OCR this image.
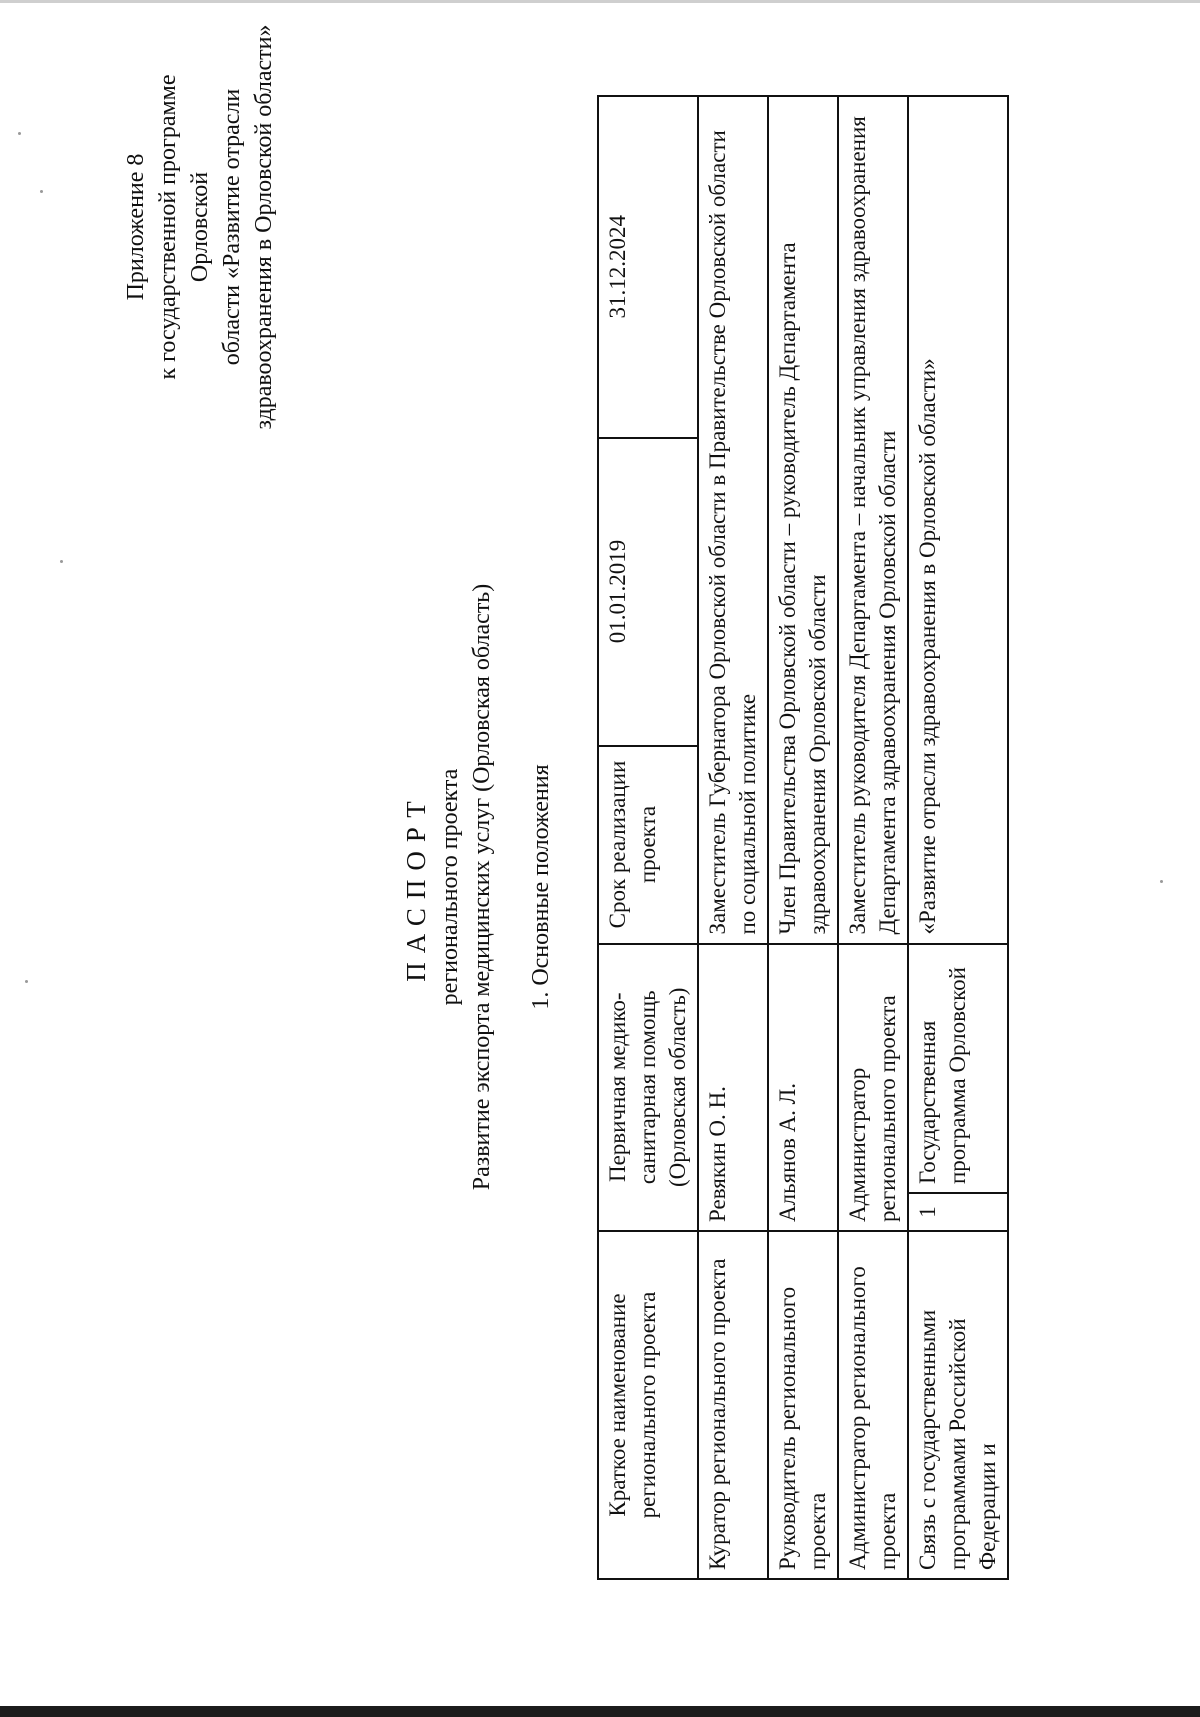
Приложение 8 к государственной программе Орловской области «Развитие отрасли здравоохранения в Орловской области»
ПАСПОРТ регионального проекта Развитие экспорта медицинских услуг (Орловская область) 1. Основные положения
Краткое наименование регионального проекта	Первичная медико-санитарная помощь (Орловская область)		Срок реализации проекта	01.01.2019	31.12.2024
Куратор регионального проекта	Ревякин О. Н.		Заместитель Губернатора Орловской области в Правительстве Орловской области по социальной политике		
Руководитель регионального проекта	Альянов А. Л.		Член Правительства Орловской области – руководитель Департамента здравоохранения Орловской области		
Администратор регионального проекта	Администратор регионального проекта		Заместитель руководителя Департамента – начальник управления здравоохранения Департамента здравоохранения Орловской области		
Связь с государственными программами Российской Федерации и	1	Государственная программа Орловской	«Развитие отрасли здравоохранения в Орловской области»		
